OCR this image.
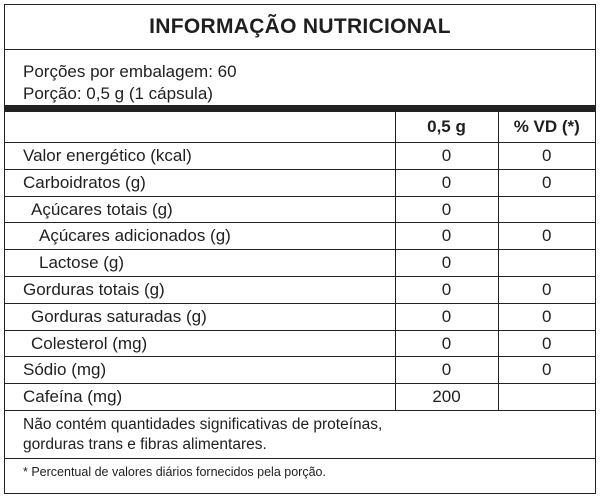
INFORMAÇÃO NUTRICIONAL
Porções por embalagem: 60
Porção: 0,5 g (1 cápsula)
	0,5 g	% VD (*)
Valor energético (kcal)	0	0
Carboidratos (g)	0	0
Açúcares totais (g)	0	
Açúcares adicionados (g)	0	0
Lactose (g)	0	
Gorduras totais (g)	0	0
Gorduras saturadas (g)	0	0
Colesterol (mg)	0	0
Sódio (mg)	0	0
Cafeína (mg)	200	
Não contém quantidades significativas de proteínas,
gorduras trans e fibras alimentares.
* Percentual de valores diários fornecidos pela porção.
